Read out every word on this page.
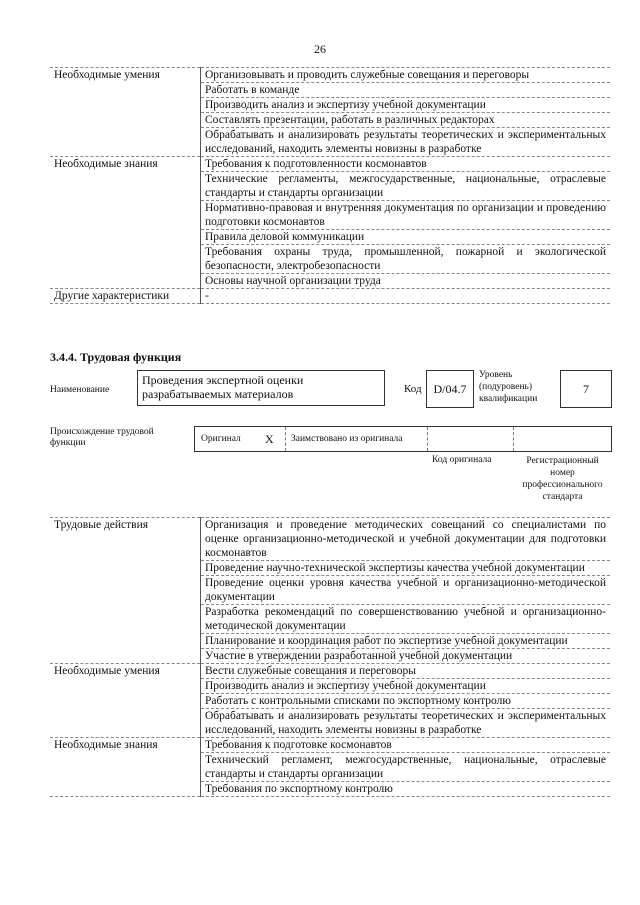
26
Необходимые умения	Организовывать и проводить служебные совещания и переговоры
	Работать в команде
	Производить анализ и экспертизу учебной документации
	Составлять презентации, работать в различных редакторах
	Обрабатывать и анализировать результаты теоретических и экспериментальных исследований, находить элементы новизны в разработке
Необходимые знания	Требования к подготовленности космонавтов
	Технические регламенты, межгосударственные, национальные, отраслевые стандарты и стандарты организации
	Нормативно-правовая и внутренняя документация по организации и проведению подготовки космонавтов
	Правила деловой коммуникации
	Требования охраны труда, промышленной, пожарной и экологической безопасности, электробезопасности
	Основы научной организации труда
Другие характеристики	-
3.4.4. Трудовая функция
Наименование
Проведения экспертной оценки разрабатываемых материалов	Код D/04.7
Уровень (подуровень) квалификации
7
Происхождение трудовой функции	Оригинал X Заимствовано из оригинала
Код оригинала	Регистрационный номер профессионального стандарта
Трудовые действия	Организация и проведение методических совещаний со специалистами по оценке организационно-методической и учебной документации для подготовки космонавтов
	Проведение научно-технической экспертизы качества учебной документации
	Проведение оценки уровня качества учебной и организационно-методической документации
	Разработка рекомендаций по совершенствованию учебной и организационно-методической документации
	Планирование и координация работ по экспертизе учебной документации
	Участие в утверждении разработанной учебной документации
Необходимые умения	Вести служебные совещания и переговоры
	Производить анализ и экспертизу учебной документации
	Работать с контрольными списками по экспортному контролю
	Обрабатывать и анализировать результаты теоретических и экспериментальных исследований, находить элементы новизны в разработке
Необходимые знания	Требования к подготовке космонавтов
	Технический регламент, межгосударственные, национальные, отраслевые стандарты и стандарты организации
	Требования по экспортному контролю
